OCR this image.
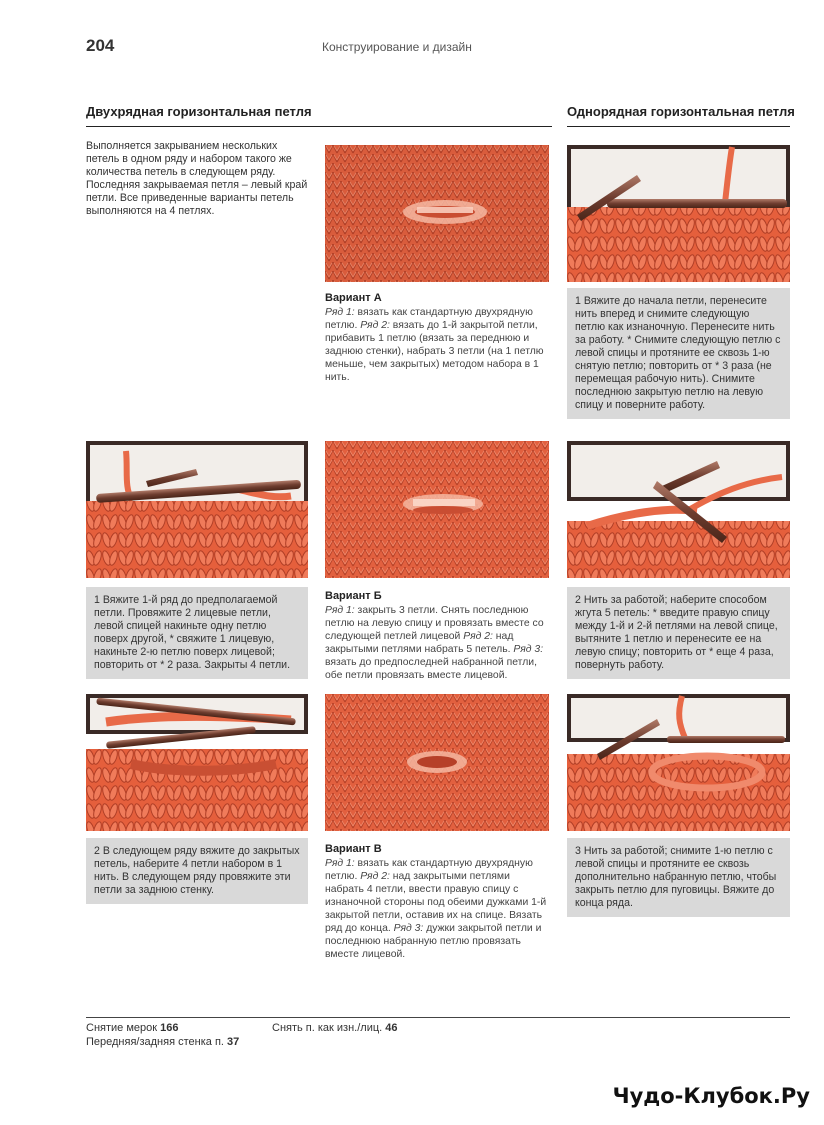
204	Конструирование и дизайн
Двухрядная горизонтальная петля	Однорядная горизонтальная петля
Выполняется закрыванием нескольких петель в одном ряду и набором такого же количества петель в следующем ряду. Последняя закрываемая петля – левый край петли. Все приведенные варианты петель выполняются на 4 петлях.
Вариант А
Ряд 1: вязать как стандартную двухрядную петлю. Ряд 2: вязать до 1-й закрытой петли, прибавить 1 петлю (вязать за переднюю и заднюю стенки), набрать 3 петли (на 1 петлю меньше, чем закрытых) методом набора в 1 нить.
Вариант Б
Ряд 1: закрыть 3 петли. Снять последнюю петлю на левую спицу и провязать вместе со следующей петлей лицевой Ряд 2: над закрытыми петлями набрать 5 петель. Ряд 3: вязать до предпоследней набранной петли, обе петли провязать вместе лицевой.
Вариант В
Ряд 1: вязать как стандартную двухрядную петлю. Ряд 2: над закрытыми петлями набрать 4 петли, ввести правую спицу с изнаночной стороны под обеими дужками 1-й закрытой петли, оставив их на спице. Вязать ряд до конца. Ряд 3: дужки закрытой петли и последнюю набранную петлю провязать вместе лицевой.
1 Вяжите 1-й ряд до предполагаемой петли. Провяжите 2 лицевые петли, левой спицей накиньте одну петлю поверх другой, * свяжите 1 лицевую, накиньте 2-ю петлю поверх лицевой; повторить от * 2 раза. Закрыты 4 петли.
2 В следующем ряду вяжите до закрытых петель, наберите 4 петли набором в 1 нить. В следующем ряду провяжите эти петли за заднюю стенку.
1 Вяжите до начала петли, перенесите нить вперед и снимите следующую петлю как изнаночную. Перенесите нить за работу. * Снимите следующую петлю с левой спицы и протяните ее сквозь 1-ю снятую петлю; повторить от * 3 раза (не перемещая рабочую нить). Снимите последнюю закрытую петлю на левую спицу и поверните работу.
2 Нить за работой; наберите способом жгута 5 петель: * введите правую спицу между 1-й и 2-й петлями на левой спице, вытяните 1 петлю и перенесите ее на левую спицу; повторить от * еще 4 раза, повернуть работу.
3 Нить за работой; снимите 1-ю петлю с левой спицы и протяните ее сквозь дополнительно набранную петлю, чтобы закрыть петлю для пуговицы. Вяжите до конца ряда.
Снятие мерок 166
Передняя/задняя стенка п. 37
Снять п. как изн./лиц. 46
Чудо-Клубок.Ру
